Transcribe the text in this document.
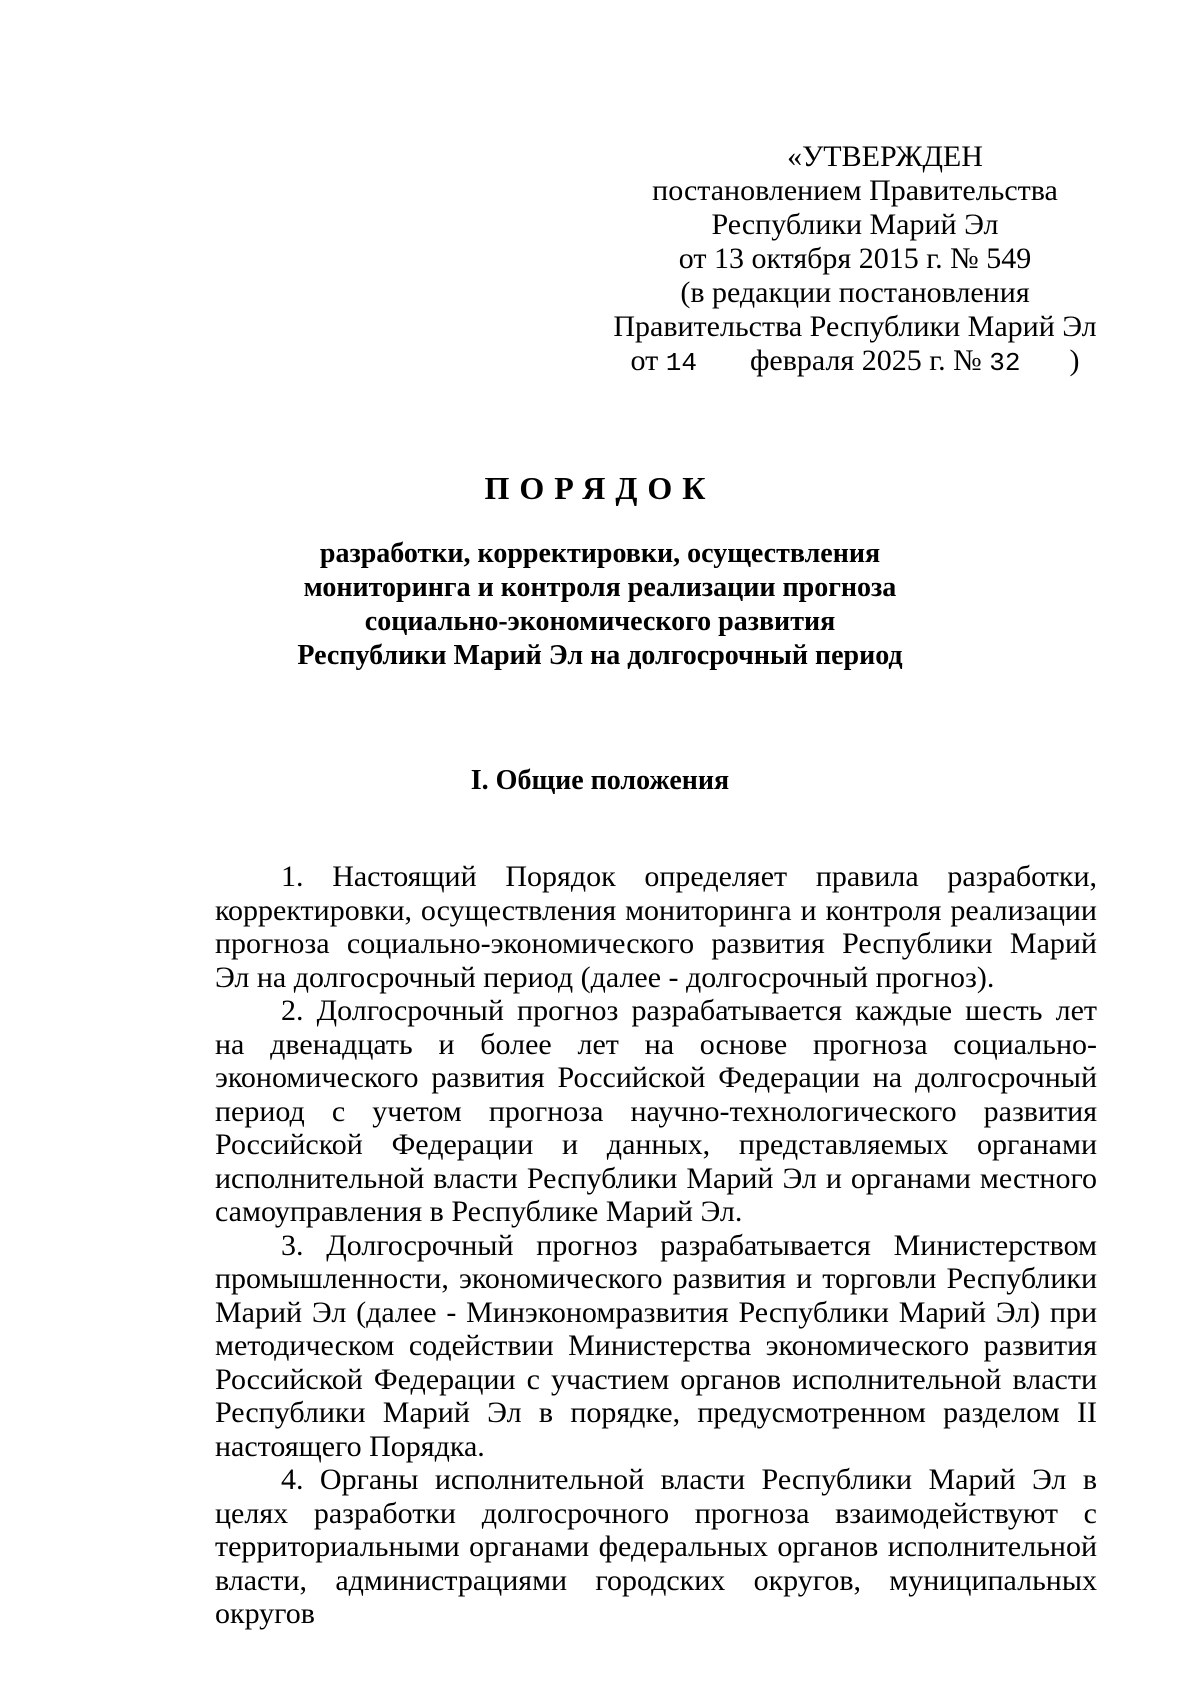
«УТВЕРЖДЕН
постановлением Правительства
Республики Марий Эл
от 13 октября 2015 г. № 549
(в редакции постановления
Правительства Республики Марий Эл
от 14 февраля 2025 г. № 32 )
ПОРЯДОК
разработки, корректировки, осуществления
мониторинга и контроля реализации прогноза
социально-экономического развития
Республики Марий Эл на долгосрочный период
I. Общие положения

1. Настоящий Порядок определяет правила разработки, корректировки, осуществления мониторинга и контроля реализации прогноза социально-экономического развития Республики Марий Эл на долгосрочный период (далее - долгосрочный прогноз).

2. Долгосрочный прогноз разрабатывается каждые шесть лет на двенадцать и более лет на основе прогноза социально-экономического развития Российской Федерации на долгосрочный период с учетом прогноза научно-технологического развития Российской Федерации и данных, представляемых органами исполнительной власти Республики Марий Эл и органами местного самоуправления в Республике Марий Эл.

3. Долгосрочный прогноз разрабатывается Министерством промышленности, экономического развития и торговли Республики Марий Эл (далее - Минэкономразвития Республики Марий Эл) при методическом содействии Министерства экономического развития Российской Федерации с участием органов исполнительной власти Республики Марий Эл в порядке, предусмотренном разделом II настоящего Порядка.

4. Органы исполнительной власти Республики Марий Эл в целях разработки долгосрочного прогноза взаимодействуют с территориальными органами федеральных органов исполнительной власти, администрациями городских округов, муниципальных округов
